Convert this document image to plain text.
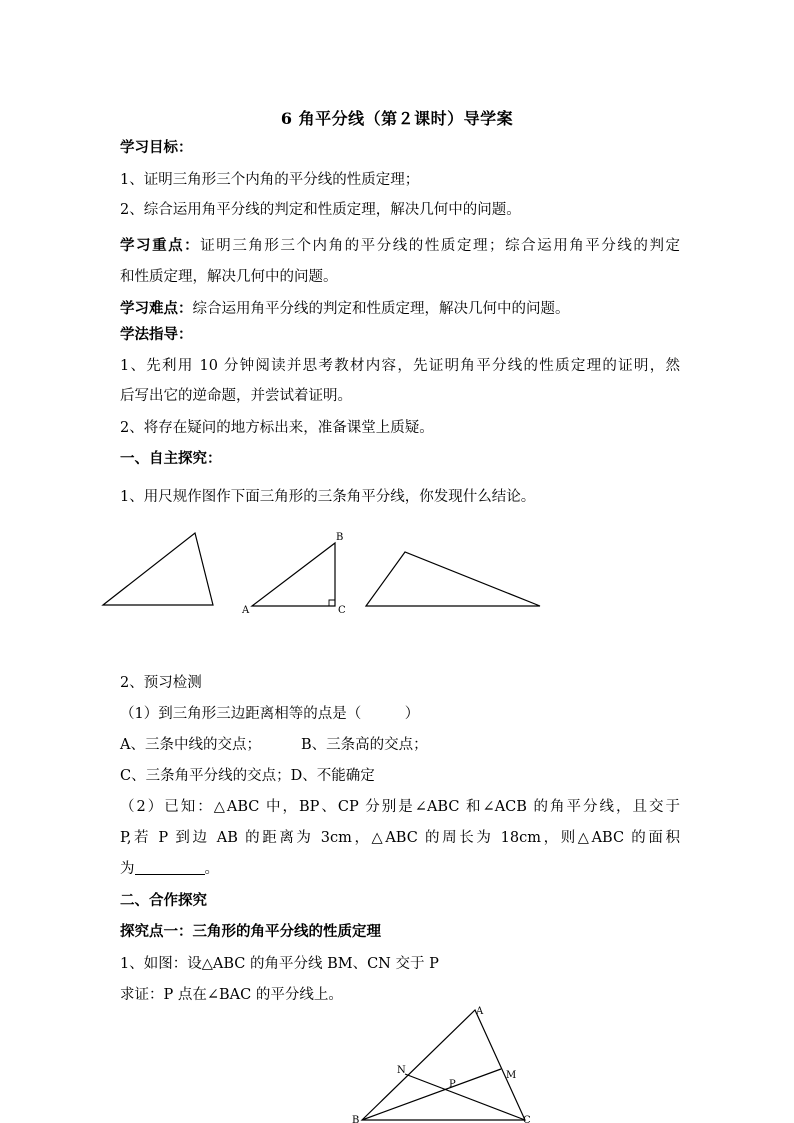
6 角平分线（第２课时）导学案
学习目标：
1、证明三角形三个内角的平分线的性质定理；
2、综合运用角平分线的判定和性质定理，解决几何中的问题。
学习重点：证明三角形三个内角的平分线的性质定理；综合运用角平分线的判定
和性质定理，解决几何中的问题。
学习难点：综合运用角平分线的判定和性质定理，解决几何中的问题。
学法指导：
1、先利用 10 分钟阅读并思考教材内容，先证明角平分线的性质定理的证明，然
后写出它的逆命题，并尝试着证明。
2、将存在疑问的地方标出来，准备课堂上质疑。
一、自主探究：
1、用尺规作图作下面三角形的三条角平分线，你发现什么结论。
2、预习检测
（1）到三角形三边距离相等的点是（　　　）
A、三条中线的交点；	B、三条高的交点；
C、三条角平分线的交点；D、不能确定
（2）已知：△ABC 中，BP、CP 分别是∠ABC 和∠ACB 的角平分线，且交于
P,若 P 到边 AB 的距离为 3cm，△ABC 的周长为 18cm，则△ABC 的面积
为	。
二、合作探究
探究点一：三角形的角平分线的性质定理
1、如图：设△ABC 的角平分线 BM、CN 交于 P
求证：P 点在∠BAC 的平分线上。
B
A	C
A
N	M
P
B	C
